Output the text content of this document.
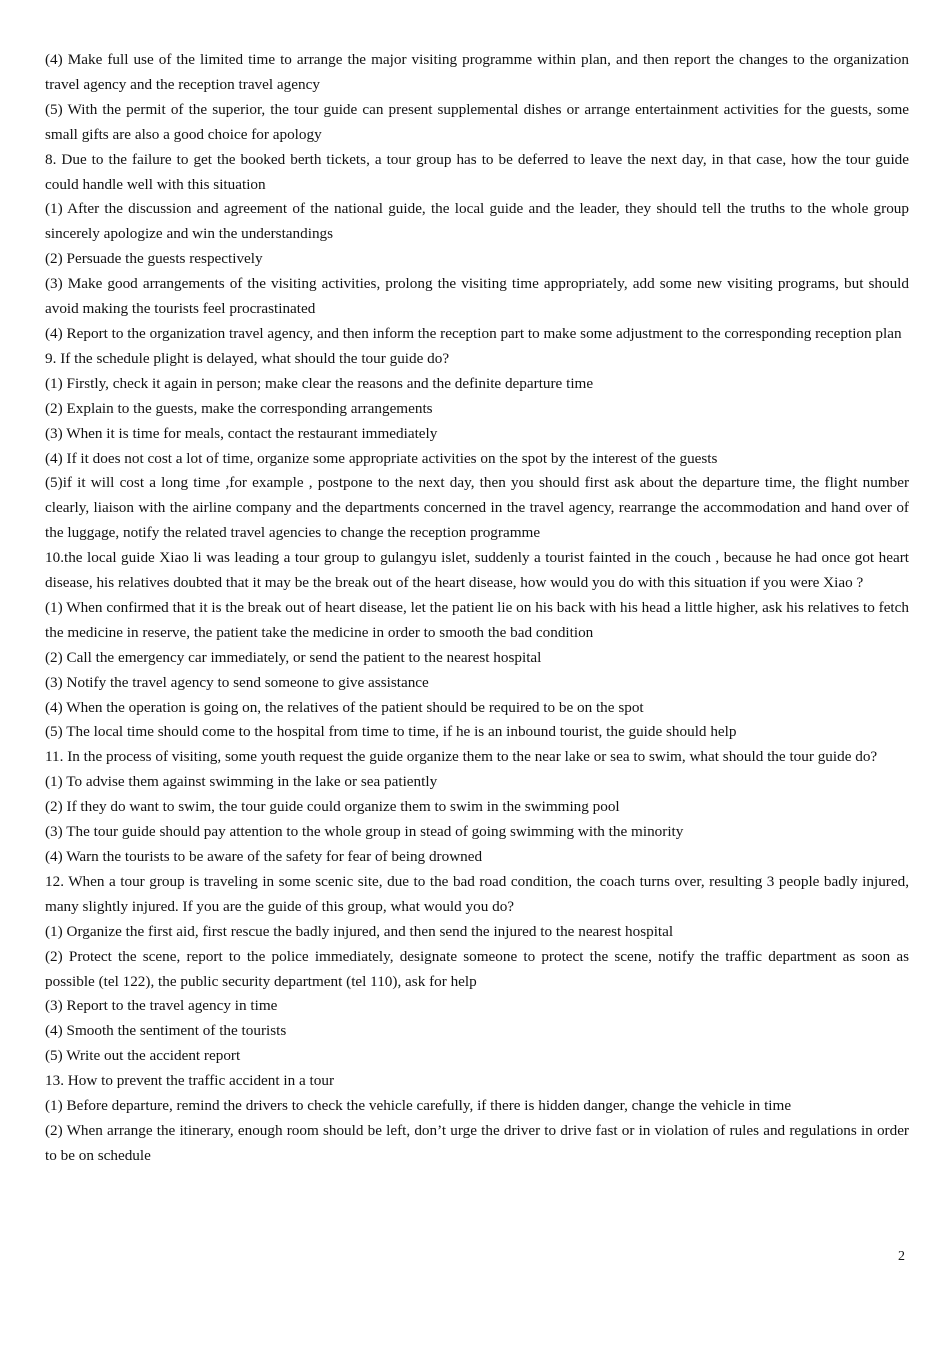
(4) Make full use of the limited time to arrange the major visiting programme within plan, and then report the changes to the organization travel agency and the reception travel agency

(5) With the permit of the superior, the tour guide can present supplemental dishes or arrange entertainment activities for the guests, some small gifts are also a good choice for apology

8. Due to the failure to get the booked berth tickets, a tour group has to be deferred to leave the next day, in that case, how the tour guide could handle well with this situation

(1) After the discussion and agreement of the national guide, the local guide and the leader, they should tell the truths to the whole group sincerely apologize and win the understandings

(2) Persuade the guests respectively

(3) Make good arrangements of the visiting activities, prolong the visiting time appropriately, add some new visiting programs, but should avoid making the tourists feel procrastinated

(4) Report to the organization travel agency, and then inform the reception part to make some adjustment to the corresponding reception plan

9. If the schedule plight is delayed, what should the tour guide do?

(1) Firstly, check it again in person; make clear the reasons and the definite departure time

(2) Explain to the guests, make the corresponding arrangements

(3) When it is time for meals, contact the restaurant immediately

(4) If it does not cost a lot of time, organize some appropriate activities on the spot by the interest of the guests

(5)if it will cost a long time ,for example , postpone to the next day, then you should first ask about the departure time, the flight number clearly, liaison with the airline company and the departments concerned in the travel agency, rearrange the accommodation and hand over of the luggage, notify the related travel agencies to change the reception programme

10.the local guide Xiao li was leading a tour group to gulangyu islet, suddenly a tourist fainted in the couch , because he had once got heart disease, his relatives doubted that it may be the break out of the heart disease, how would you do with this situation if you were Xiao ?

(1) When confirmed that it is the break out of heart disease, let the patient lie on his back with his head a little higher, ask his relatives to fetch the medicine in reserve, the patient take the medicine in order to smooth the bad condition

(2) Call the emergency car immediately, or send the patient to the nearest hospital

(3) Notify the travel agency to send someone to give assistance

(4) When the operation is going on, the relatives of the patient should be required to be on the spot

(5) The local time should come to the hospital from time to time, if he is an inbound tourist, the guide should help

11. In the process of visiting, some youth request the guide organize them to the near lake or sea to swim, what should the tour guide do?

(1) To advise them against swimming in the lake or sea patiently

(2) If they do want to swim, the tour guide could organize them to swim in the swimming pool

(3) The tour guide should pay attention to the whole group in stead of going swimming with the minority

(4) Warn the tourists to be aware of the safety for fear of being drowned

12. When a tour group is traveling in some scenic site, due to the bad road condition, the coach turns over, resulting 3 people badly injured, many slightly injured. If you are the guide of this group, what would you do?

(1) Organize the first aid, first rescue the badly injured, and then send the injured to the nearest hospital

(2) Protect the scene, report to the police immediately, designate someone to protect the scene, notify the traffic department as soon as possible (tel 122), the public security department (tel 110), ask for help

(3) Report to the travel agency in time

(4) Smooth the sentiment of the tourists

(5) Write out the accident report

13. How to prevent the traffic accident in a tour

(1) Before departure, remind the drivers to check the vehicle carefully, if there is hidden danger, change the vehicle in time

(2) When arrange the itinerary, enough room should be left, don’t urge the driver to drive fast or in violation of rules and regulations in order to be on schedule

2
